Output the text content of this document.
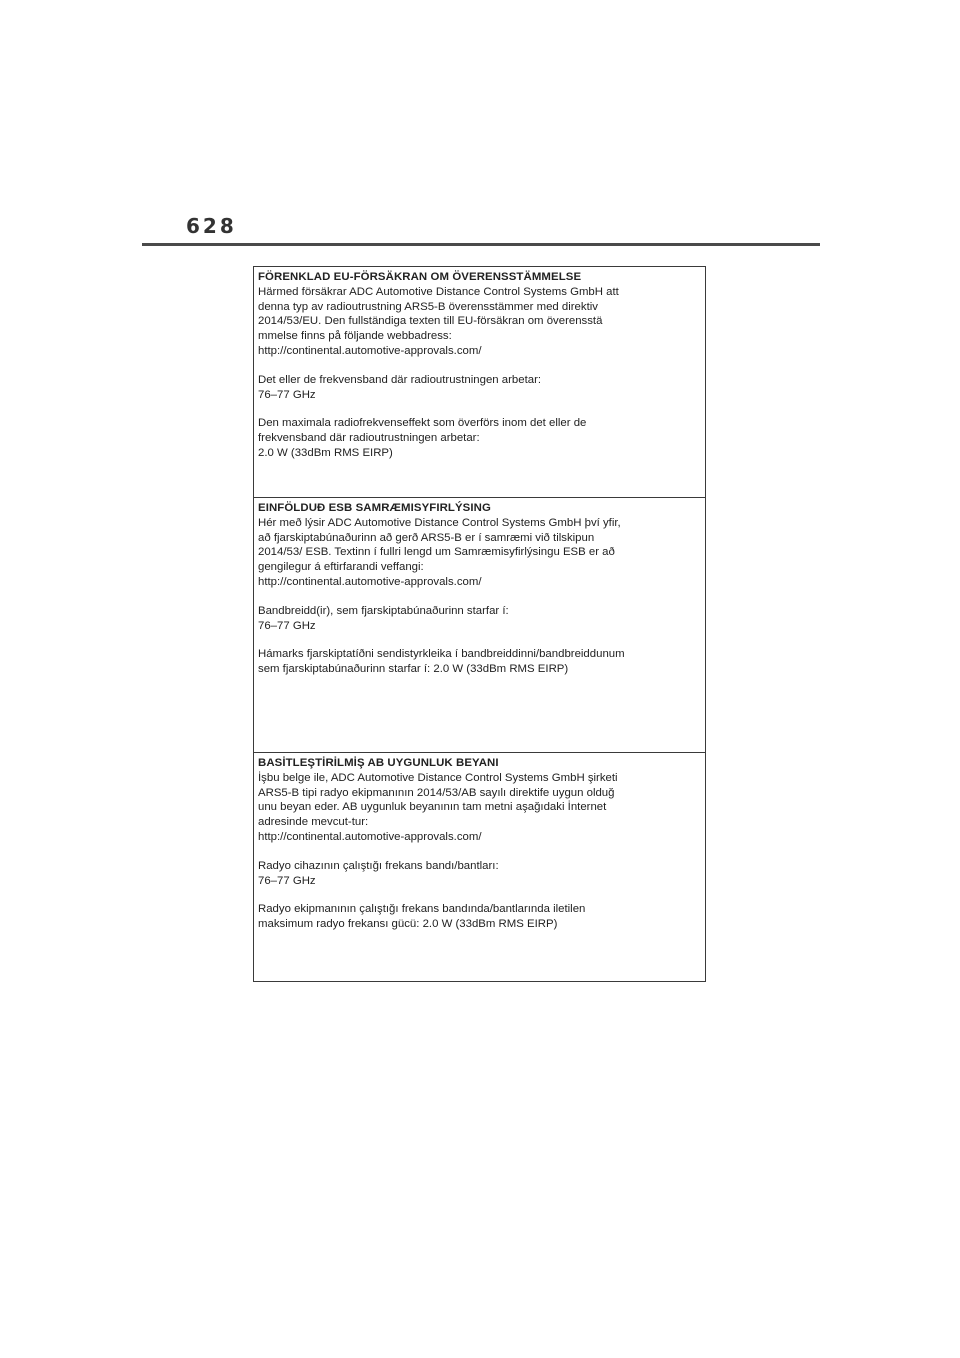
628

FÖRENKLAD EU-FÖRSÄKRAN OM ÖVERENSSTÄMMELSE

Härmed försäkrar ADC Automotive Distance Control Systems GmbH att
denna typ av radioutrustning ARS5-B överensstämmer med direktiv
2014/53/EU. Den fullständiga texten till EU-försäkran om överensstä
mmelse finns på följande webbadress:
http://continental.automotive-approvals.com/

Det eller de frekvensband där radioutrustningen arbetar:
76–77 GHz

Den maximala radiofrekvenseffekt som överförs inom det eller de
frekvensband där radioutrustningen arbetar:
2.0 W (33dBm RMS EIRP)

EINFÖLDUÐ ESB SAMRÆMISYFIRLÝSING

Hér með lýsir ADC Automotive Distance Control Systems GmbH því yfir,
að fjarskiptabúnaðurinn að gerð ARS5-B er í samræmi við tilskipun
2014/53/ ESB. Textinn í fullri lengd um Samræmisyfirlýsingu ESB er að
gengilegur á eftirfarandi veffangi:
http://continental.automotive-approvals.com/

Bandbreidd(ir), sem fjarskiptabúnaðurinn starfar í:
76–77 GHz

Hámarks fjarskiptatíðni sendistyrkleika í bandbreiddinni/bandbreiddunum
sem fjarskiptabúnaðurinn starfar í: 2.0 W (33dBm RMS EIRP)

BASİTLEŞTİRİLMİŞ AB UYGUNLUK BEYANI

İşbu belge ile, ADC Automotive Distance Control Systems GmbH şirketi
ARS5-B tipi radyo ekipmanının 2014/53/AB sayılı direktife uygun olduğ
unu beyan eder. AB uygunluk beyanının tam metni aşağıdaki İnternet
adresinde mevcut-tur:
http://continental.automotive-approvals.com/

Radyo cihazının çalıştığı frekans bandı/bantları:
76–77 GHz

Radyo ekipmanının çalıştığı frekans bandında/bantlarında iletilen
maksimum radyo frekansı gücü: 2.0 W (33dBm RMS EIRP)
